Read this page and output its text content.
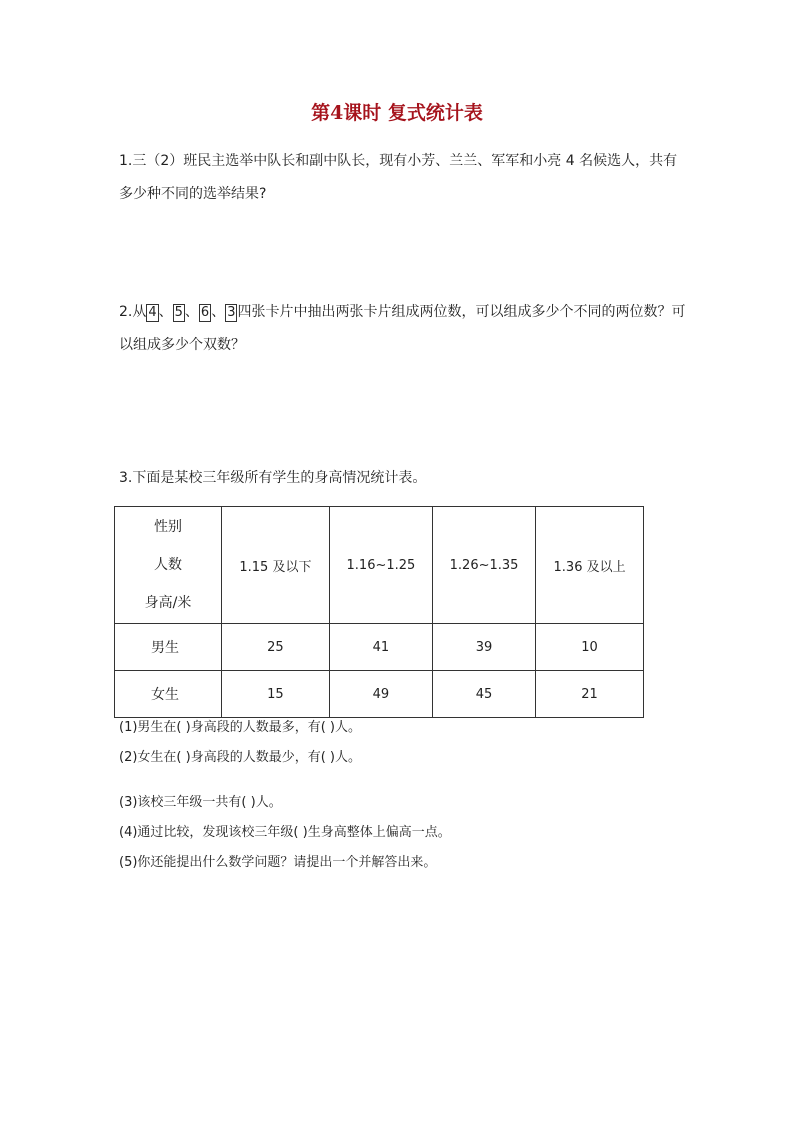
第4课时 复式统计表
1.三（2）班民主选举中队长和副中队长，现有小芳、兰兰、军军和小亮 4 名候选人，共有
多少种不同的选举结果?
2.从 4 、 5 、 6 、 3 四张卡片中抽出两张卡片组成两位数，可以组成多少个不同的两位数？可
以组成多少个双数？
3.下面是某校三年级所有学生的身高情况统计表。
性别
人数
身高/米	1.15 及以下	1.16~1.25	1.26~1.35	1.36 及以上
男生	25	41	39	10
女生	15	49	45	21
(1)男生在( )身高段的人数最多，有( )人。
(2)女生在( )身高段的人数最少，有( )人。
(3)该校三年级一共有( )人。
(4)通过比较，发现该校三年级( )生身高整体上偏高一点。
(5)你还能提出什么数学问题？请提出一个并解答出来。
